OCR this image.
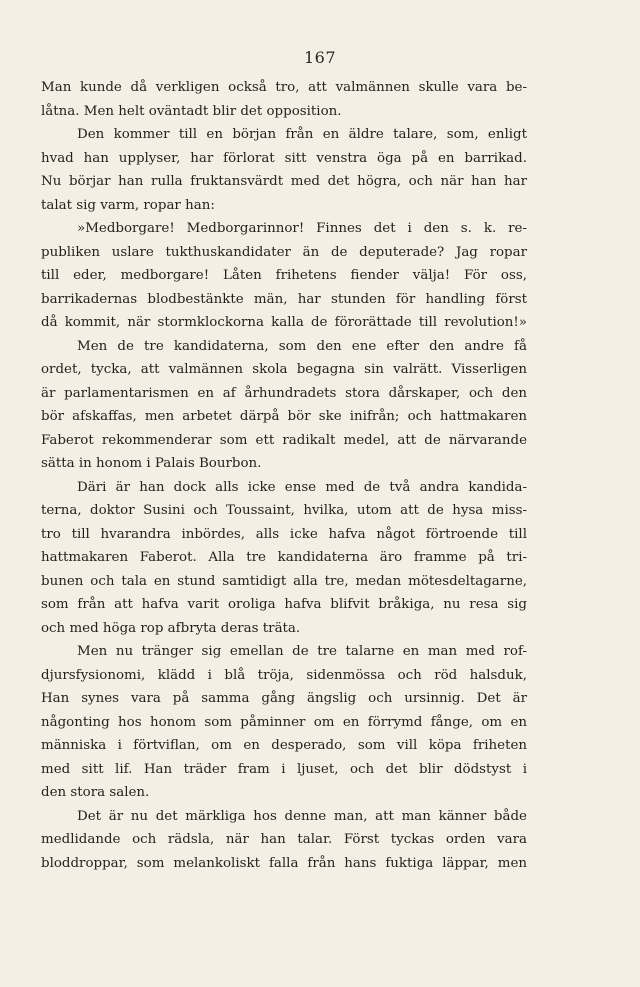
167
Man kunde då verkligen också tro, att valmännen skulle vara be-
låtna. Men helt oväntadt blir det opposition.
Den kommer till en början från en äldre talare, som, enligt
hvad han upplyser, har förlorat sitt venstra öga på en barrikad.
Nu börjar han rulla fruktansvärdt med det högra, och när han har
talat sig varm, ropar han:
»Medborgare! Medborgarinnor! Finnes det i den s. k. re-
publiken uslare tukthuskandidater än de deputerade? Jag ropar
till eder, medborgare! Låten frihetens fiender välja! För oss,
barrikadernas blodbestänkte män, har stunden för handling först
då kommit, när stormklockorna kalla de förorättade till revolution!»
Men de tre kandidaterna, som den ene efter den andre få
ordet, tycka, att valmännen skola begagna sin valrätt. Visserligen
är parlamentarismen en af århundradets stora dårskaper, och den
bör afskaffas, men arbetet därpå bör ske inifrån; och hattmakaren
Faberot rekommenderar som ett radikalt medel, att de närvarande
sätta in honom i Palais Bourbon.
Däri är han dock alls icke ense med de två andra kandida-
terna, doktor Susini och Toussaint, hvilka, utom att de hysa miss-
tro till hvarandra inbördes, alls icke hafva något förtroende till
hattmakaren Faberot. Alla tre kandidaterna äro framme på tri-
bunen och tala en stund samtidigt alla tre, medan mötesdeltagarne,
som från att hafva varit oroliga hafva blifvit bråkiga, nu resa sig
och med höga rop afbryta deras träta.
Men nu tränger sig emellan de tre talarne en man med rof-
djursfysionomi, klädd i blå tröja, sidenmössa och röd halsduk,
Han synes vara på samma gång ängslig och ursinnig. Det är
någonting hos honom som påminner om en förrymd fånge, om en
människa i förtviflan, om en desperado, som vill köpa friheten
med sitt lif. Han träder fram i ljuset, och det blir dödstyst i
den stora salen.
Det är nu det märkliga hos denne man, att man känner både
medlidande och rädsla, när han talar. Först tyckas orden vara
bloddroppar, som melankoliskt falla från hans fuktiga läppar, men
